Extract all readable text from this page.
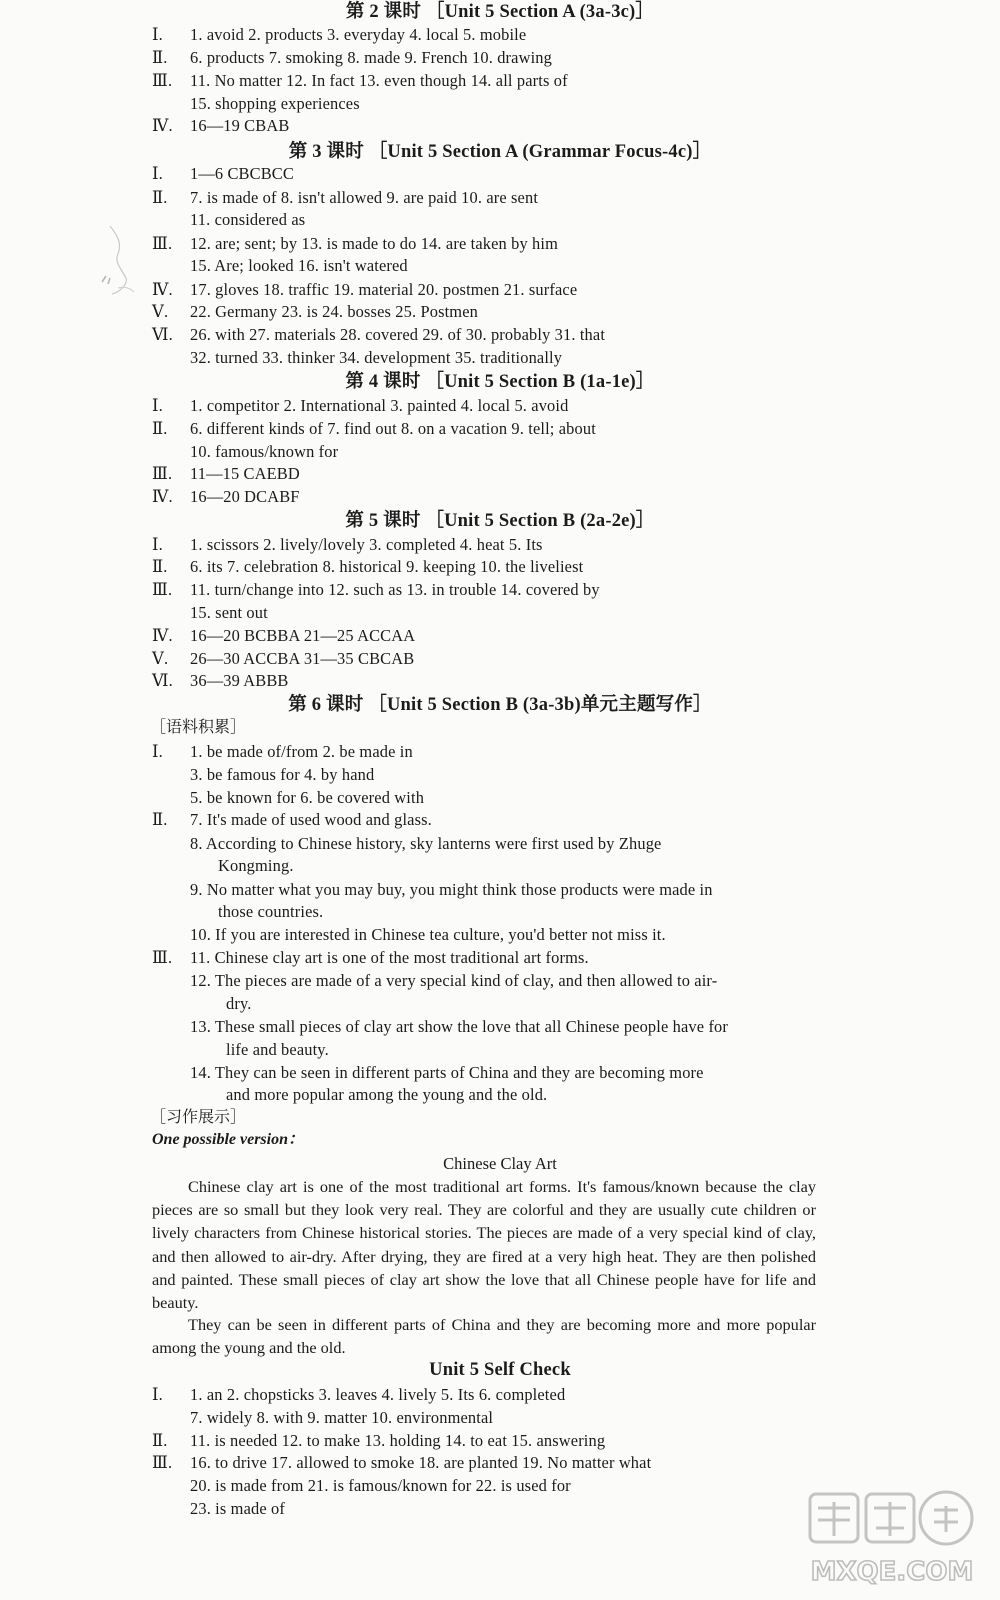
第 2 课时 ［Unit 5 Section A (3a-3c)］
Ⅰ. 1. avoid 2. products 3. everyday 4. local 5. mobile
Ⅱ. 6. products 7. smoking 8. made 9. French 10. drawing
Ⅲ. 11. No matter 12. In fact 13. even though 14. all parts of
15. shopping experiences
Ⅳ. 16—19 CBAB
第 3 课时 ［Unit 5 Section A (Grammar Focus-4c)］
Ⅰ. 1—6 CBCBCC
Ⅱ. 7. is made of 8. isn't allowed 9. are paid 10. are sent
11. considered as
Ⅲ. 12. are; sent; by 13. is made to do 14. are taken by him
15. Are; looked 16. isn't watered
Ⅳ. 17. gloves 18. traffic 19. material 20. postmen 21. surface
Ⅴ. 22. Germany 23. is 24. bosses 25. Postmen
Ⅵ. 26. with 27. materials 28. covered 29. of 30. probably 31. that
32. turned 33. thinker 34. development 35. traditionally
第 4 课时 ［Unit 5 Section B (1a-1e)］
Ⅰ. 1. competitor 2. International 3. painted 4. local 5. avoid
Ⅱ. 6. different kinds of 7. find out 8. on a vacation 9. tell; about
10. famous/known for
Ⅲ. 11—15 CAEBD
Ⅳ. 16—20 DCABF
第 5 课时 ［Unit 5 Section B (2a-2e)］
Ⅰ. 1. scissors 2. lively/lovely 3. completed 4. heat 5. Its
Ⅱ. 6. its 7. celebration 8. historical 9. keeping 10. the liveliest
Ⅲ. 11. turn/change into 12. such as 13. in trouble 14. covered by
15. sent out
Ⅳ. 16—20 BCBBA 21—25 ACCAA
Ⅴ. 26—30 ACCBA 31—35 CBCAB
Ⅵ. 36—39 ABBB
第 6 课时 ［Unit 5 Section B (3a-3b)单元主题写作］
［语料积累］
Ⅰ. 1. be made of/from 2. be made in
3. be famous for 4. by hand
5. be known for 6. be covered with
Ⅱ. 7. It's made of used wood and glass.
8. According to Chinese history, sky lanterns were first used by Zhuge
Kongming.
9. No matter what you may buy, you might think those products were made in
those countries.
10. If you are interested in Chinese tea culture, you'd better not miss it.
Ⅲ. 11. Chinese clay art is one of the most traditional art forms.
12. The pieces are made of a very special kind of clay, and then allowed to air-
dry.
13. These small pieces of clay art show the love that all Chinese people have for
life and beauty.
14. They can be seen in different parts of China and they are becoming more
and more popular among the young and the old.
［习作展示］
One possible version：
Chinese Clay Art

Chinese clay art is one of the most traditional art forms. It's famous/known because the clay pieces are so small but they look very real. They are colorful and they are usually cute children or lively characters from Chinese historical stories. The pieces are made of a very special kind of clay, and then allowed to air-dry. After drying, they are fired at a very high heat. They are then polished and painted. These small pieces of clay art show the love that all Chinese people have for life and beauty.

They can be seen in different parts of China and they are becoming more and more popular among the young and the old.

Unit 5 Self Check
Ⅰ. 1. an 2. chopsticks 3. leaves 4. lively 5. Its 6. completed
7. widely 8. with 9. matter 10. environmental
Ⅱ. 11. is needed 12. to make 13. holding 14. to eat 15. answering
Ⅲ. 16. to drive 17. allowed to smoke 18. are planted 19. No matter what
20. is made from 21. is famous/known for 22. is used for
23. is made of
MXQE.COM
